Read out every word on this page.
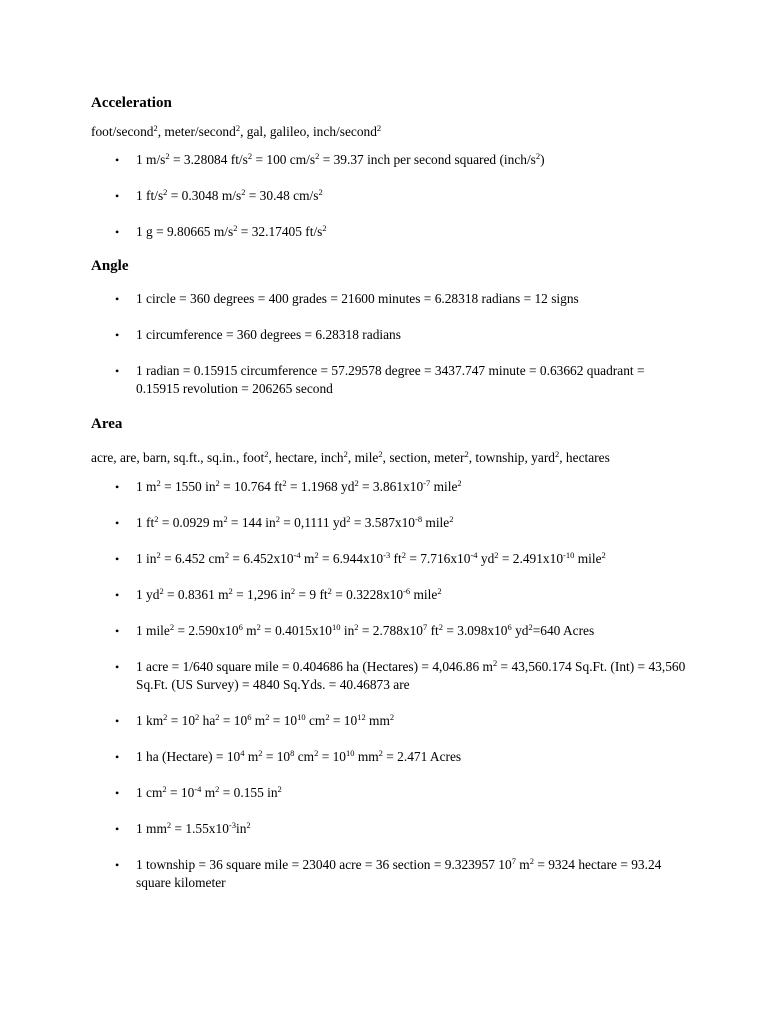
Acceleration

foot/second$^2$, meter/second$^2$, gal, galileo, inch/second$^2$

• 1 $m/s^2 = 3.28084$ $ft/s^2 = 100$ $cm/s^2 = 39.37$ inch per second squared $(inch/s^2)$
• 1 $ft/s^2 = 0.3048$ $m/s^2 = 30.48$ $cm/s^2$
• 1 g = 9.80665 $m/s^2 = 32.17405$ $ft/s^2$
Angle
• 1 circle = 360 degrees = 400 grades = 21600 minutes = 6.28318 radians = 12 signs
• 1 circumference = 360 degrees = 6.28318 radians
• 1 radian = 0.15915 circumference = 57.29578 degree = 3437.747 minute = 0.63662 quadrant = 0.15915 revolution = 206265 second
Area

acre, are, barn, sq.ft., sq.in., foot$^2$, hectare, inch$^2$, mile$^2$, section, meter$^2$, township, yard$^2$, hectares

• 1 $m^2 = 1550$ $in^2 = 10.764$ $ft^2 = 1.1968$ $yd^2 = 3.861x10^{-7}$ mile$^2$
• 1 $ft^2 = 0.0929$ $m^2 = 144$ $in^2 = 0,1111$ $yd^2 = 3.587x10^{-8}$ mile$^2$
• 1 $in^2 = 6.452$ $cm^2 = 6.452x10^{-4}$ $m^2 = 6.944x10^{-3}$ $ft^2 = 7.716x10^{-4}$ $yd^2 = 2.491x10^{-10}$ mile$^2$
• 1 $yd^2 = 0.8361$ $m^2 = 1,296$ $in^2 = 9$ $ft^2 = 0.3228x10^{-6}$ mile$^2$
• 1 mile$^2$ = $2.590x10^6$ $m^2 = 0.4015x10^{10}$ $in^2 = 2.788x10^7$ $ft^2 = 3.098x10^6$ $yd^2=640$ Acres
• 1 acre = 1/640 square mile = 0.404686 ha (Hectares) = 4,046.86 $m^2 = 43,560.174$ Sq.Ft. (Int) = 43,560 Sq.Ft. (US Survey) = 4840 Sq.Yds. = 40.46873 are
• 1 $km^2 = 10^2$ $ha^2 = 10^6$ $m^2 = 10^{10}$ $cm^2 = 10^{12}$ $mm^2$
• 1 ha (Hectare) = $10^4$ $m^2 = 10^8$ $cm^2 = 10^{10}$ $mm^2 = 2.471$ Acres
• 1 $cm^2 = 10^{-4}$ $m^2 = 0.155$ $in^2$
• 1 $mm^2 = 1.55x10^{-3}in^2$
• 1 township = 36 square mile = 23040 acre = 36 section = 9.323957 $10^7$ $m^2 = 9324$ hectare = 93.24 square kilometer
